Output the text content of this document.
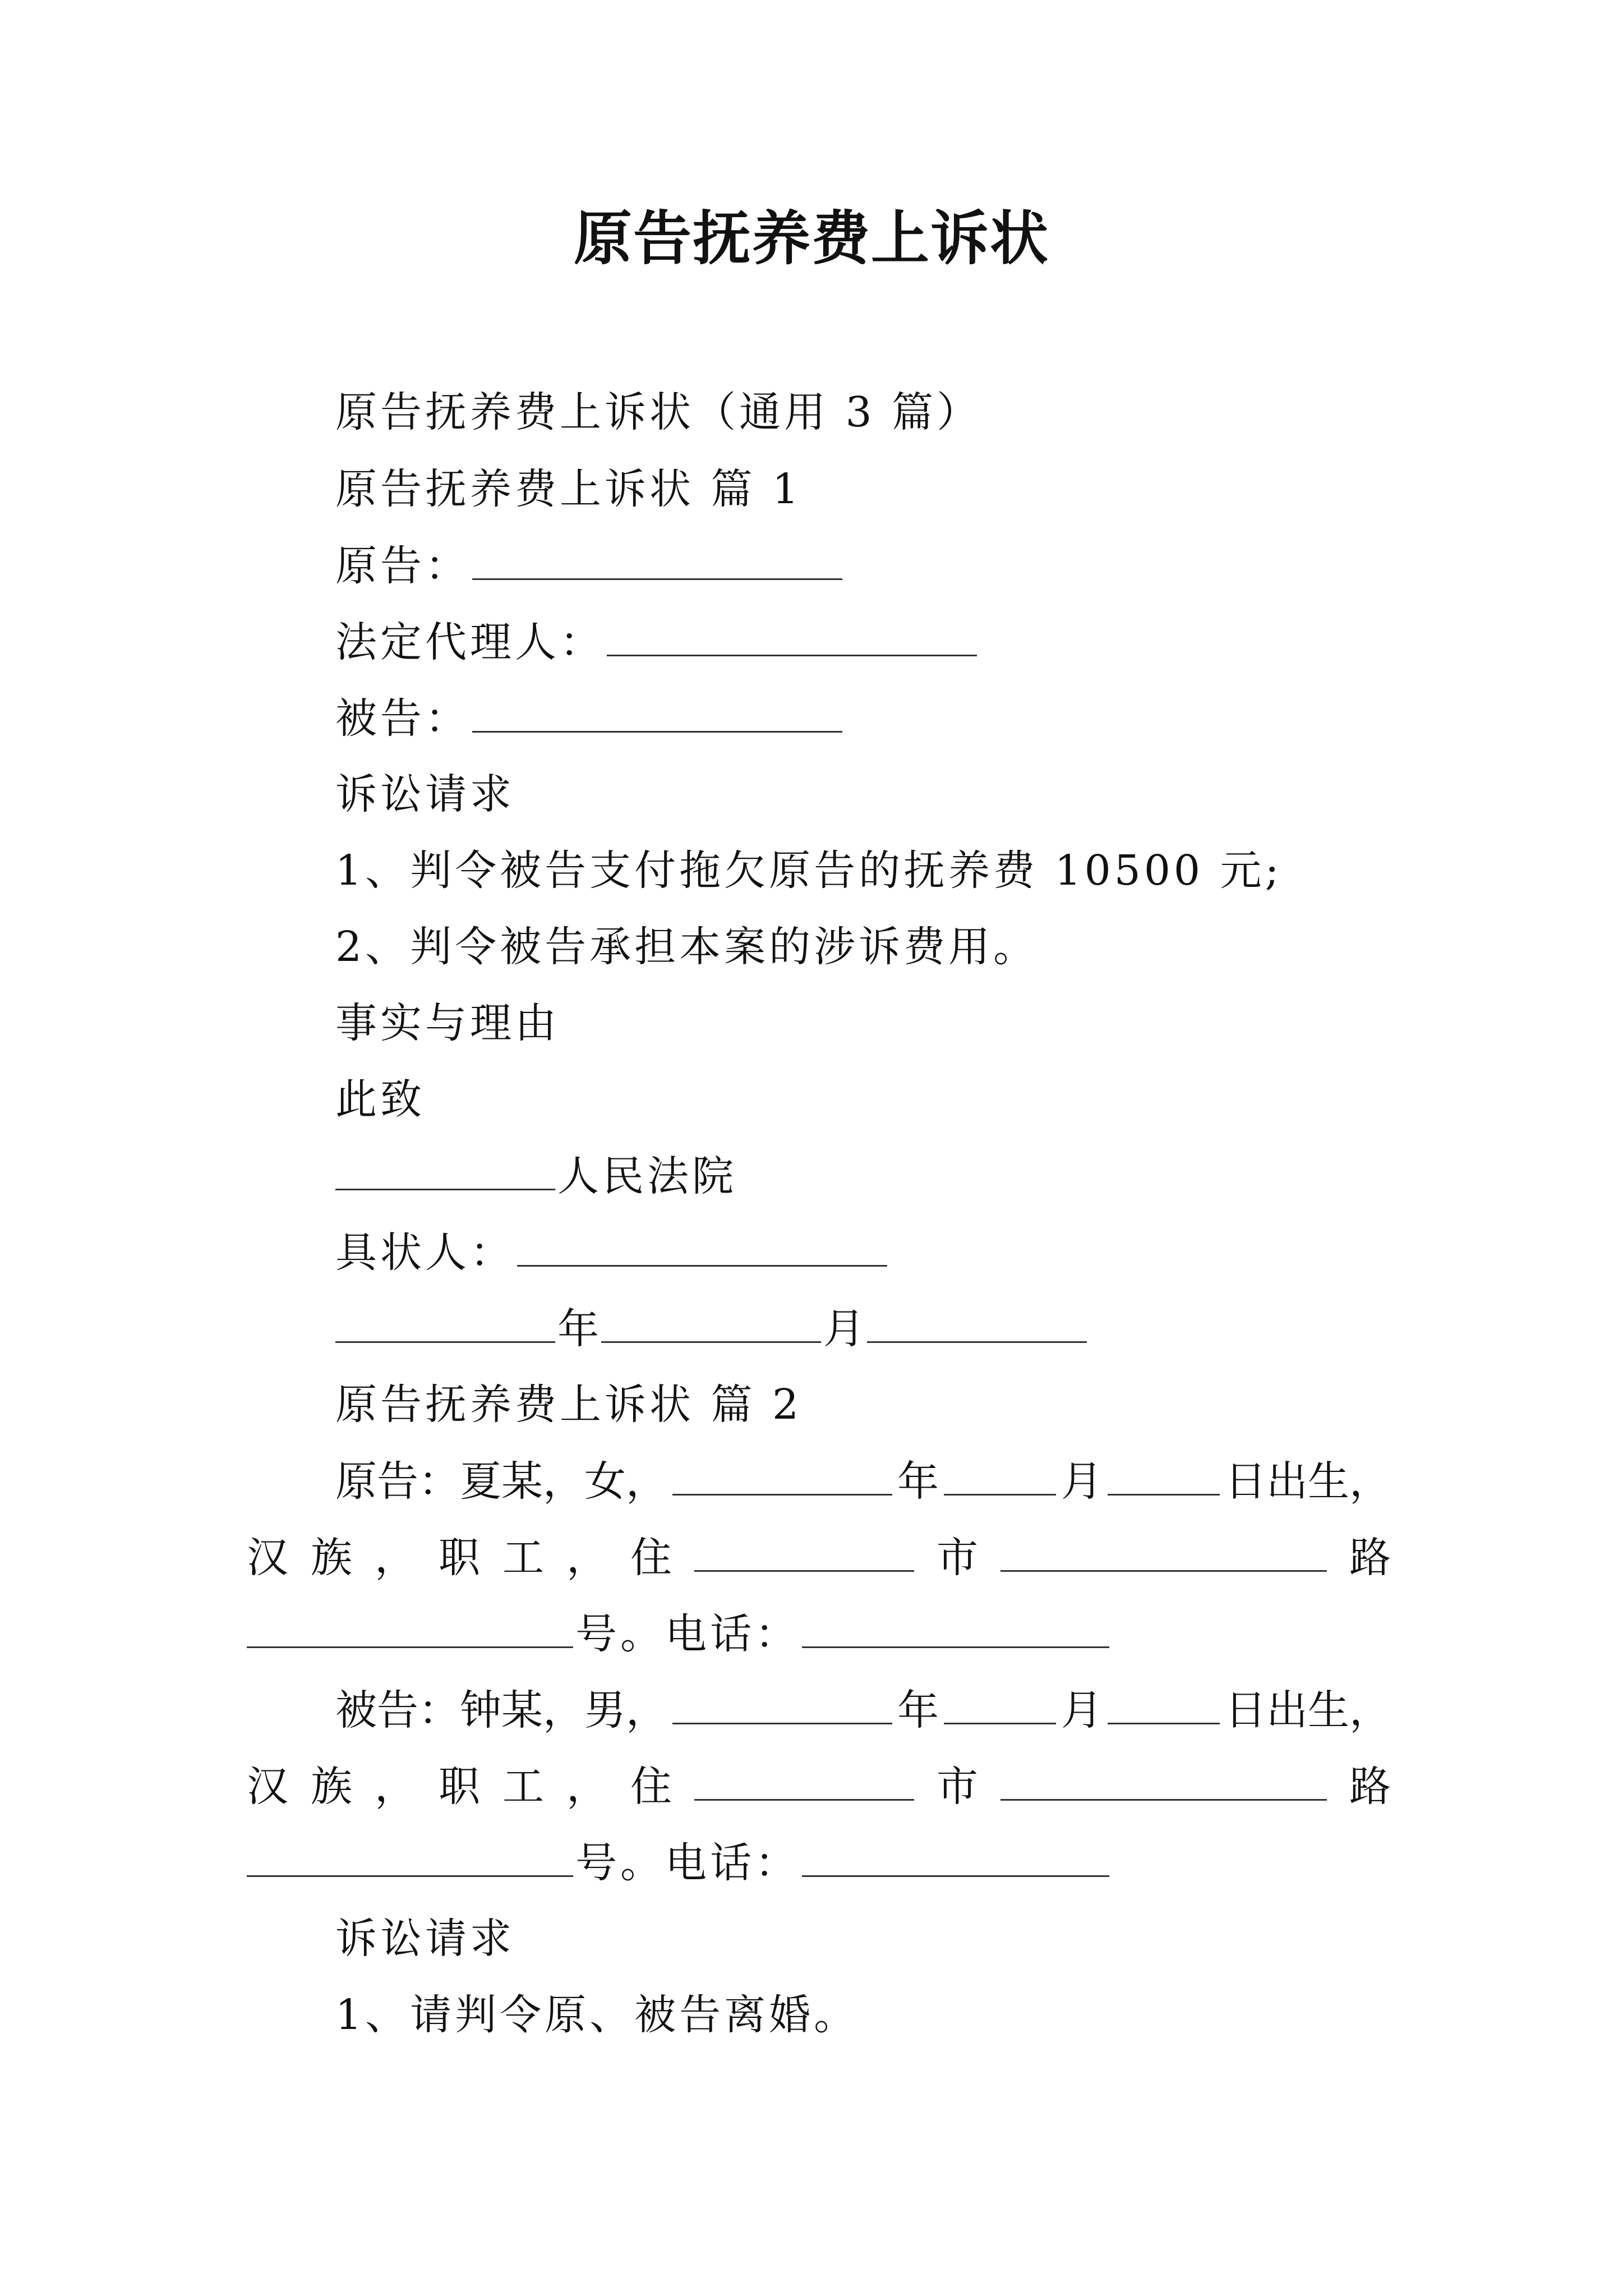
原告抚养费上诉状
原告抚养费上诉状（通用 3 篇）
原告抚养费上诉状 篇 1
原告：
法定代理人：
被告：
诉讼请求
1、判令被告支付拖欠原告的抚养费 10500 元;
2、判令被告承担本案的涉诉费用。
事实与理由
此致
人民法院
具状人：
年	月
原告抚养费上诉状 篇 2
原告：夏某，女，	年	月	日出生，
汉 族 ， 职 工 ， 住	市	路
号。电话：
被告：钟某，男，	年	月	日出生，
汉 族 ， 职 工 ， 住	市	路
号。电话：
诉讼请求
1、请判令原、被告离婚。
